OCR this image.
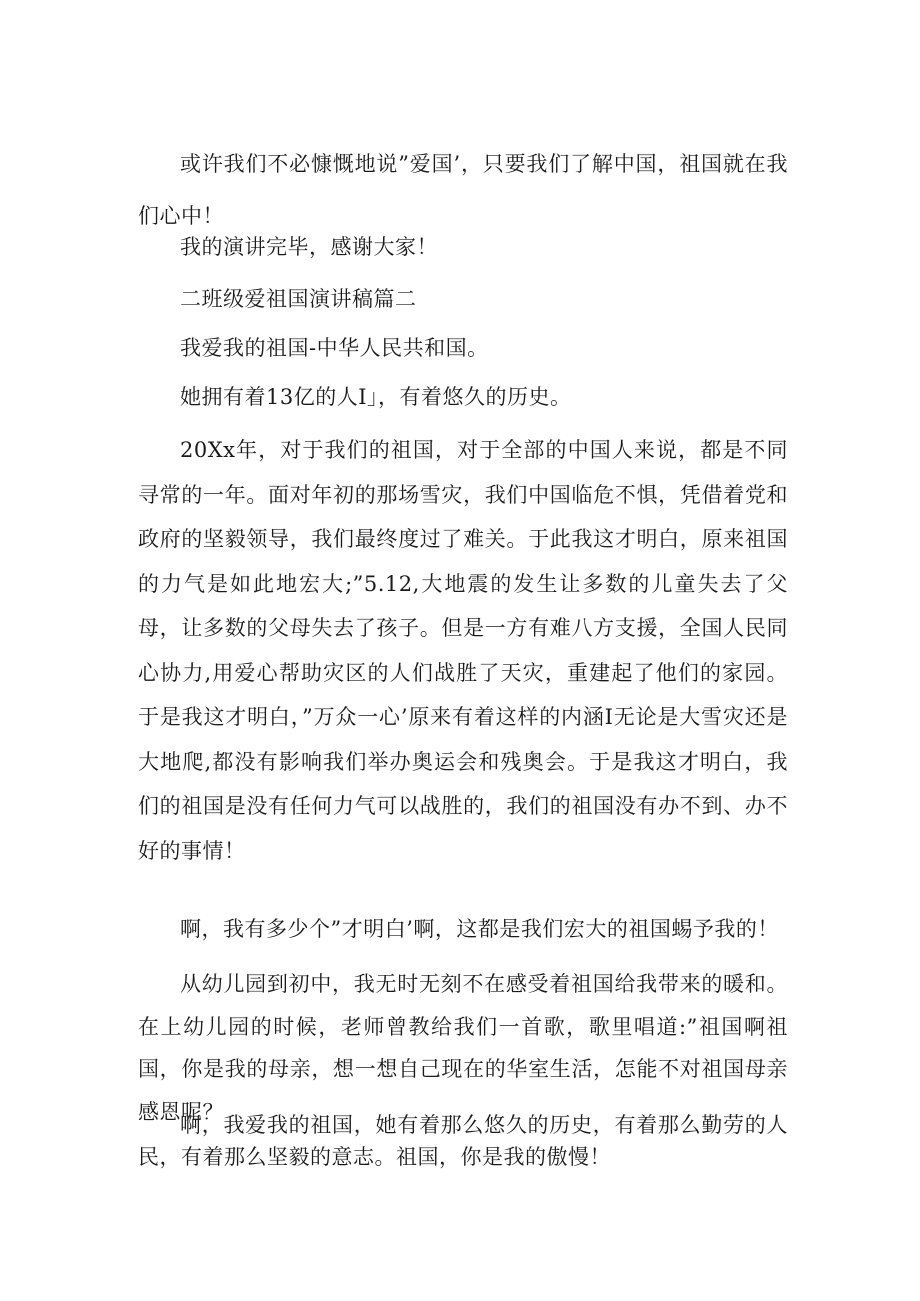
或许我们不必慷慨地说”爱国’，只要我们了解中国，祖国就在我们心中！

我的演讲完毕，感谢大家！

二班级爱祖国演讲稿篇二

我爱我的祖国-中华人民共和国。

她拥有着13亿的人I」，有着悠久的历史。

20Xx年，对于我们的祖国，对于全部的中国人来说，都是不同寻常的一年。面对年初的那场雪灾，我们中国临危不惧，凭借着党和政府的坚毅领导，我们最终度过了难关。于此我这才明白，原来祖国的力气是如此地宏大;”5.12,大地震的发生让多数的儿童失去了父母，让多数的父母失去了孩子。但是一方有难八方支援，全国人民同心协力,用爱心帮助灾区的人们战胜了天灾，重建起了他们的家园。于是我这才明白，”万众一心’原来有着这样的内涵I无论是大雪灾还是大地爬,都没有影响我们举办奥运会和残奥会。于是我这才明白，我们的祖国是没有任何力气可以战胜的，我们的祖国没有办不到、办不好的事情！

啊，我有多少个”才明白’啊，这都是我们宏大的祖国蜴予我的！

从幼儿园到初中，我无时无刻不在感受着祖国给我带来的暖和。在上幼儿园的时候，老师曾教给我们一首歌，歌里唱道:”祖国啊祖国，你是我的母亲，想一想自己现在的华室生活，怎能不对祖国母亲感恩呢？

啊，我爱我的祖国，她有着那么悠久的历史，有着那么勤劳的人民，有着那么坚毅的意志。祖国，你是我的傲慢！
